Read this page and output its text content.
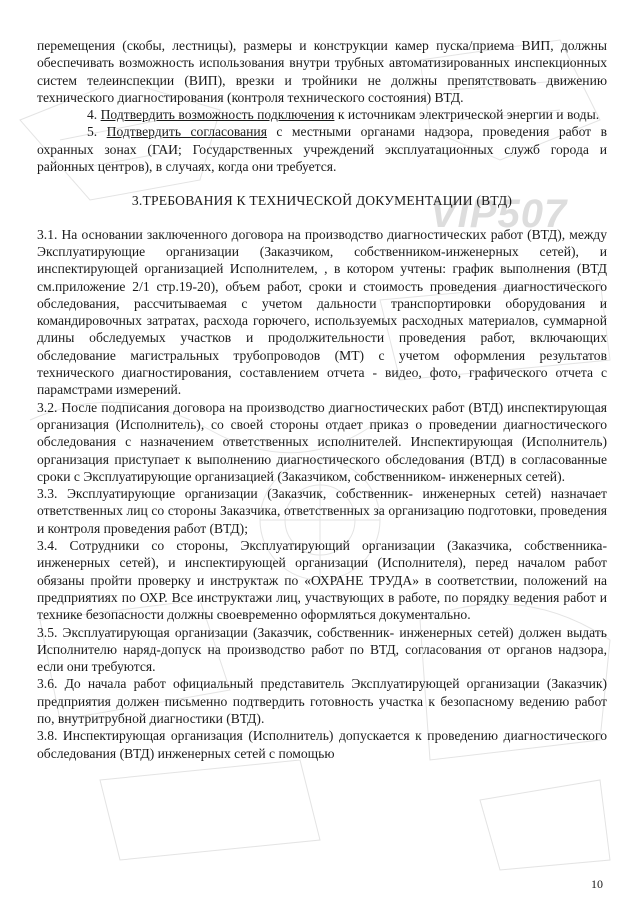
VIP507

перемещения (скобы, лестницы), размеры и конструкции камер пуска/приема ВИП, должны обеспечивать возможность использования внутри трубных автоматизированных инспекционных систем телеинспекции (ВИП), врезки и тройники не должны препятствовать движению технического диагностирования (контроля технического состояния) ВТД.

4. Подтвердить возможность подключения к источникам электрической энергии и воды.

5. Подтвердить согласования с местными органами надзора, проведения работ в охранных зонах (ГАИ; Государственных учреждений эксплуатационных служб города и районных центров), в случаях, когда они требуется.

3.ТРЕБОВАНИЯ К ТЕХНИЧЕСКОЙ ДОКУМЕНТАЦИИ (ВТД)

3.1. На основании заключенного договора на производство диагностических работ (ВТД), между Эксплуатирующие организации (Заказчиком, собственником-инженерных сетей), и инспектирующей организацией Исполнителем, , в котором учтены: график выполнения (ВТД см.приложение 2/1 стр.19-20), объем работ, сроки и стоимость проведения диагностического обследования, рассчитываемая с учетом дальности транспортировки оборудования и командировочных затратах, расхода горючего, используемых расходных материалов, суммарной длины обследуемых участков и продолжительности проведения работ, включающих обследование магистральных трубопроводов (МТ) с учетом оформления результатов технического диагностирования, составлением отчета - видео, фото, графического отчета с парамстрами измерений.

3.2. После подписания договора на производство диагностических работ (ВТД) инспектирующая организация (Исполнитель), со своей стороны отдает приказ о проведении диагностического обследования с назначением ответственных исполнителей. Инспектирующая (Исполнитель) организация приступает к выполнению диагностического обследования (ВТД) в согласованные сроки с Эксплуатирующие организацией (Заказчиком, собственником- инженерных сетей).

3.3. Эксплуатирующие организации (Заказчик, собственник- инженерных сетей) назначает ответственных лиц со стороны Заказчика, ответственных за организацию подготовки, проведения и контроля проведения работ (ВТД);

3.4. Сотрудники со стороны, Эксплуатирующий организации (Заказчика, собственника- инженерных сетей), и инспектирующей организации (Исполнителя), перед началом работ обязаны пройти проверку и инструктаж по «ОХРАНЕ ТРУДА» в соответствии, положений на предприятиях по ОХР. Все инструктажи лиц, участвующих в работе, по порядку ведения работ и технике безопасности должны своевременно оформляться документально.

3.5. Эксплуатирующая организации (Заказчик, собственник- инженерных сетей) должен выдать Исполнителю наряд-допуск на производство работ по ВТД, согласования от органов надзора, если они требуются.

3.6. До начала работ официальный представитель Эксплуатирующей организации (Заказчик) предприятия должен письменно подтвердить готовность участка к безопасному ведению работ по, внутритрубной диагностики (ВТД).

3.8. Инспектирующая организация (Исполнитель) допускается к проведению диагностического обследования (ВТД) инженерных сетей с помощью

10
